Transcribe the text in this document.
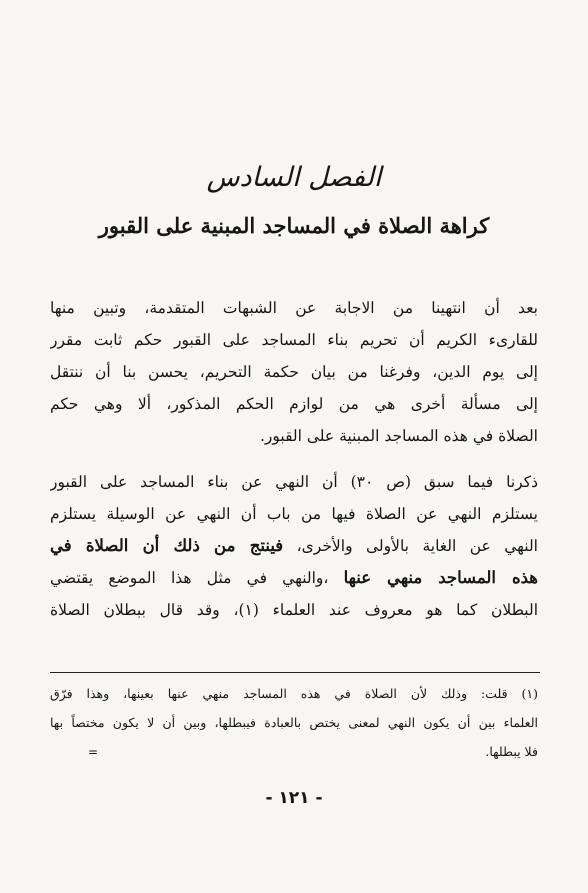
الفصل السادس
كراهة الصلاة في المساجد المبنية على القبور
بعد أن انتهينا من الاجابة عن الشبهات المتقدمة، وتبين منها
للقارىء الكريم أن تحريم بناء المساجد على القبور حكم ثابت مقرر
إلى يوم الدين، وفرغنا من بيان حكمة التحريم، يحسن بنا أن ننتقل
إلى مسألة أخرى هي من لوازم الحكم المذكور، ألا وهي حكم
الصلاة في هذه المساجد المبنية على القبور.
ذكرنا فيما سبق (ص ٣٠) أن النهي عن بناء المساجد على القبور
يستلزم النهي عن الصلاة فيها من باب أن النهي عن الوسيلة يستلزم
النهي عن الغاية بالأولى والأخرى، فينتج من ذلك أن الصلاة في
هذه المساجد منهي عنها ،والنهي في مثل هذا الموضع يقتضي
البطلان كما هو معروف عند العلماء (١)، وقد قال ببطلان الصلاة
(١) قلت: وذلك لأن الصلاة في هذه المساجد منهي عنها بعينها، وهذا فرّق
العلماء بين أن يكون النهي لمعنى يختص بالعبادة فيبطلها، وبين أن لا يكون مختصاً بها
فلا يبطلها.
=
- ١٢١ -
